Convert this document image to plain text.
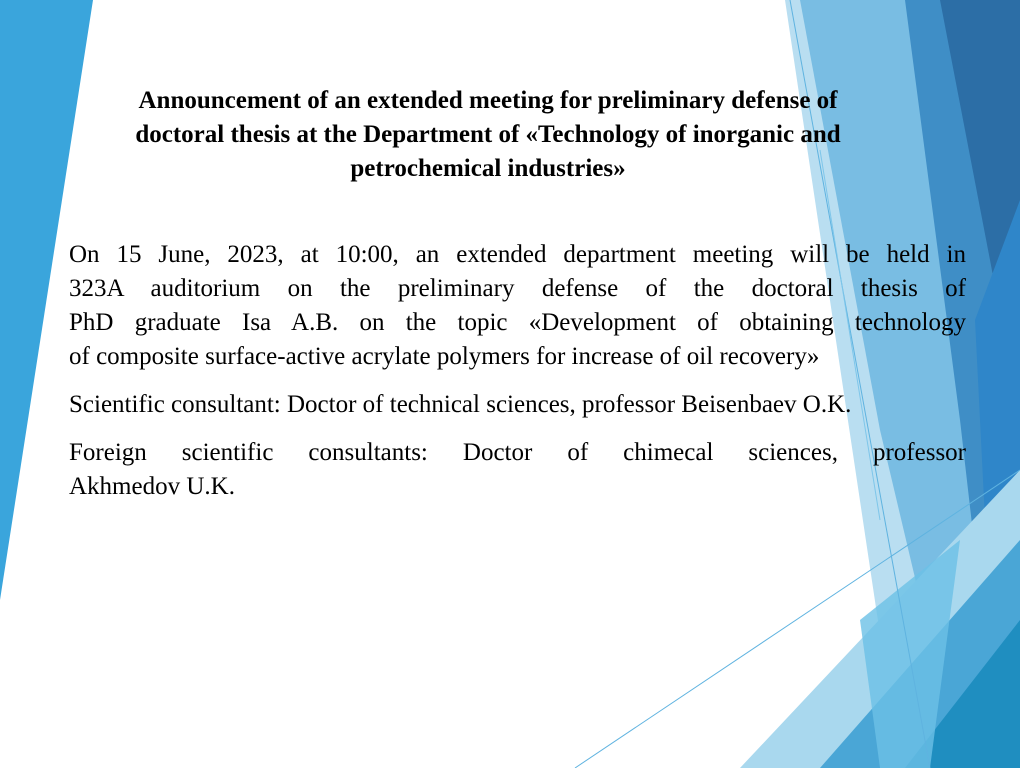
Announcement of an extended meeting for preliminary defense of
doctoral thesis at the Department of «Technology of inorganic and
petrochemical industries»

On 15 June, 2023, at 10:00, an extended department meeting will be held in
323A auditorium on the preliminary defense of the doctoral thesis of
PhD graduate Isa A.B. on the topic «Development of obtaining technology
of composite surface-active acrylate polymers for increase of oil recovery»

Scientific consultant: Doctor of technical sciences, professor Beisenbaev O.K.

Foreign scientific consultants: Doctor of chimecal sciences, professor
Akhmedov U.K.
